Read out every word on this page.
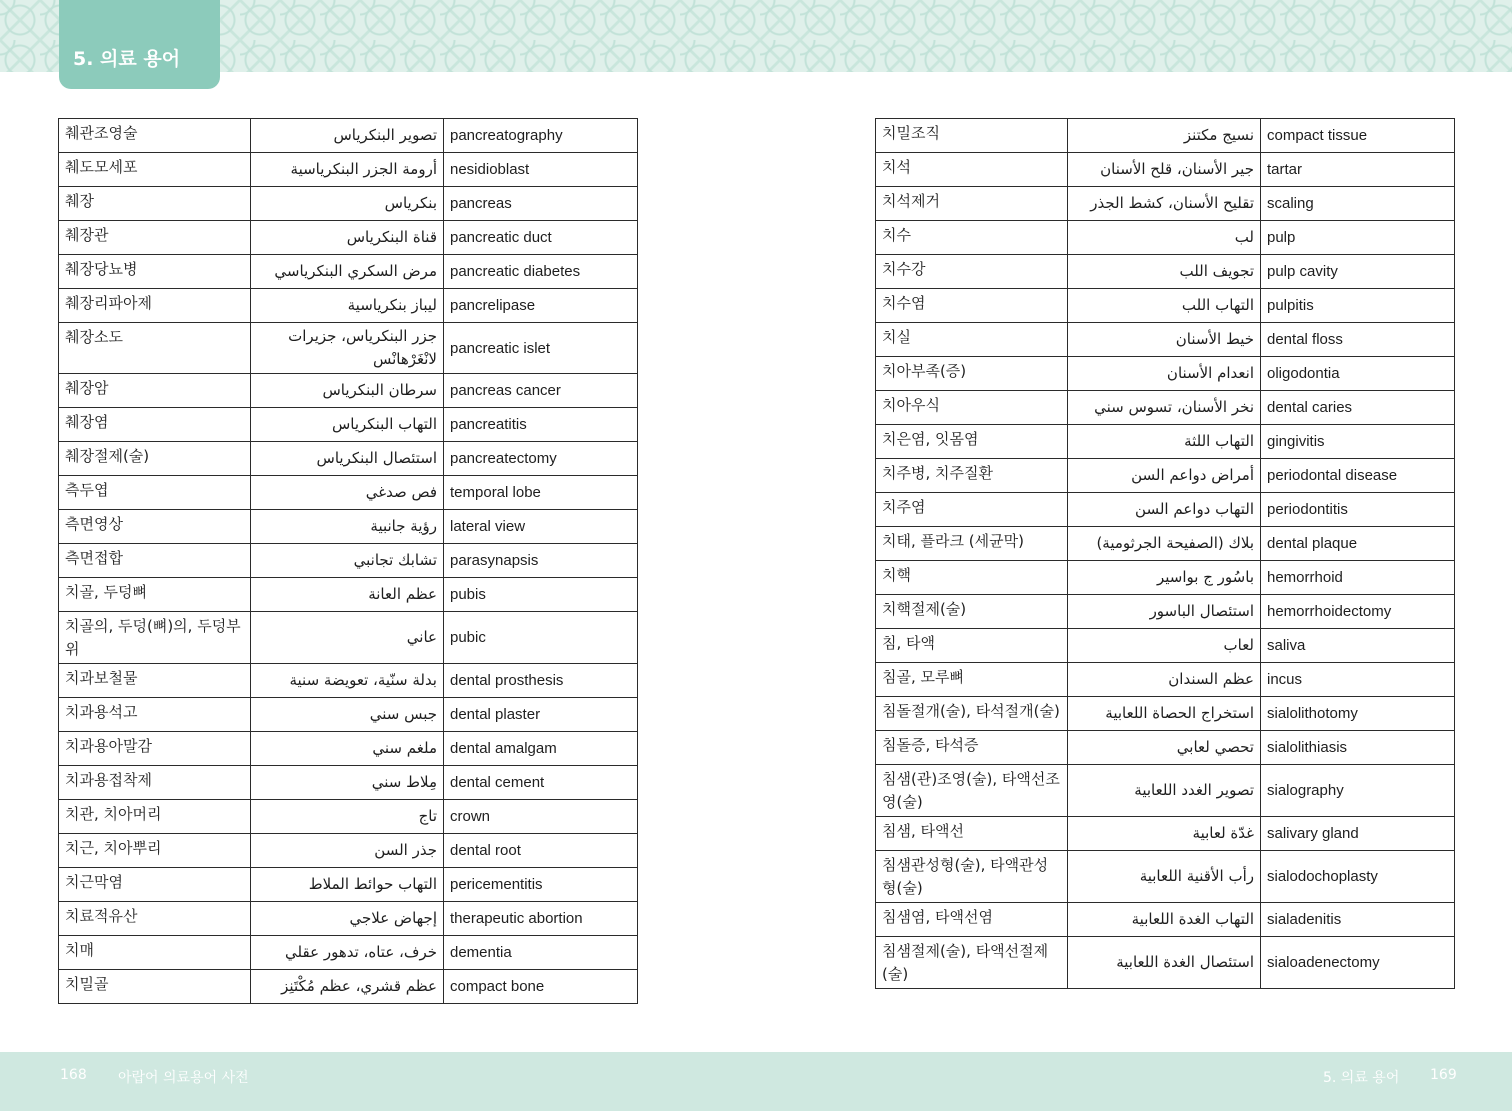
5. 의료 용어
췌관조영술	تصوير البنكرياس	pancreatography
췌도모세포	أرومة الجزر البنكرياسية	nesidioblast
췌장	بنكرياس	pancreas
췌장관	قناة البنكرياس	pancreatic duct
췌장당뇨병	مرض السكري البنكرياسي	pancreatic diabetes
췌장리파아제	ليباز بنكرياسية	pancrelipase
췌장소도	جزر البنكرياس، جزيرات لانْغَرْهانْس	pancreatic islet
췌장암	سرطان البنكرياس	pancreas cancer
췌장염	التهاب البنكرياس	pancreatitis
췌장절제(술)	استئصال البنكرياس	pancreatectomy
측두엽	فص صدغي	temporal lobe
측면영상	رؤية جانبية	lateral view
측면접합	تشابك تجانبي	parasynapsis
치골, 두덩뼈	عظم العانة	pubis
치골의, 두덩(뼈)의, 두덩부위	عاني	pubic
치과보철물	بدلة سنّية، تعويضة سنية	dental prosthesis
치과용석고	جبس سني	dental plaster
치과용아말감	ملغم سني	dental amalgam
치과용접착제	مِلاط سني	dental cement
치관, 치아머리	تاج	crown
치근, 치아뿌리	جذر السن	dental root
치근막염	التهاب حوائط الملاط	pericementitis
치료적유산	إجهاض علاجي	therapeutic abortion
치매	خرف، عتاه، تدهور عقلي	dementia
치밀골	عظم قشري، عظم مُكْتَنِز	compact bone
치밀조직	نسيج مكتنز	compact tissue
치석	جير الأسنان، قلح الأسنان	tartar
치석제거	تقليح الأسنان، كشط الجذر	scaling
치수	لب	pulp
치수강	تجويف اللب	pulp cavity
치수염	التهاب اللب	pulpitis
치실	خيط الأسنان	dental floss
치아부족(증)	انعدام الأسنان	oligodontia
치아우식	نخر الأسنان، تسوس سني	dental caries
치은염, 잇몸염	التهاب اللثة	gingivitis
치주병, 치주질환	أمراض دواعم السن	periodontal disease
치주염	التهاب دواعم السن	periodontitis
치태, 플라크 (세균막)	بلاك (الصفيحة الجرثومية)	dental plaque
치핵	باسُور ج بواسير	hemorrhoid
치핵절제(술)	استئصال الباسور	hemorrhoidectomy
침, 타액	لعاب	saliva
침골, 모루뼈	عظم السندان	incus
침돌절개(술), 타석절개(술)	استخراج الحصاة اللعابية	sialolithotomy
침돌증, 타석증	تحصي لعابي	sialolithiasis
침샘(관)조영(술), 타액선조영(술)	تصوير الغدد اللعابية	sialography
침샘, 타액선	غدّة لعابية	salivary gland
침샘관성형(술), 타액관성형(술)	رأب الأقنية اللعابية	sialodochoplasty
침샘염, 타액선염	التهاب الغدة اللعابية	sialadenitis
침샘절제(술), 타액선절제(술)	استئصال الغدة اللعابية	sialoadenectomy
168 아랍어 의료용어 사전	5. 의료 용어 169
